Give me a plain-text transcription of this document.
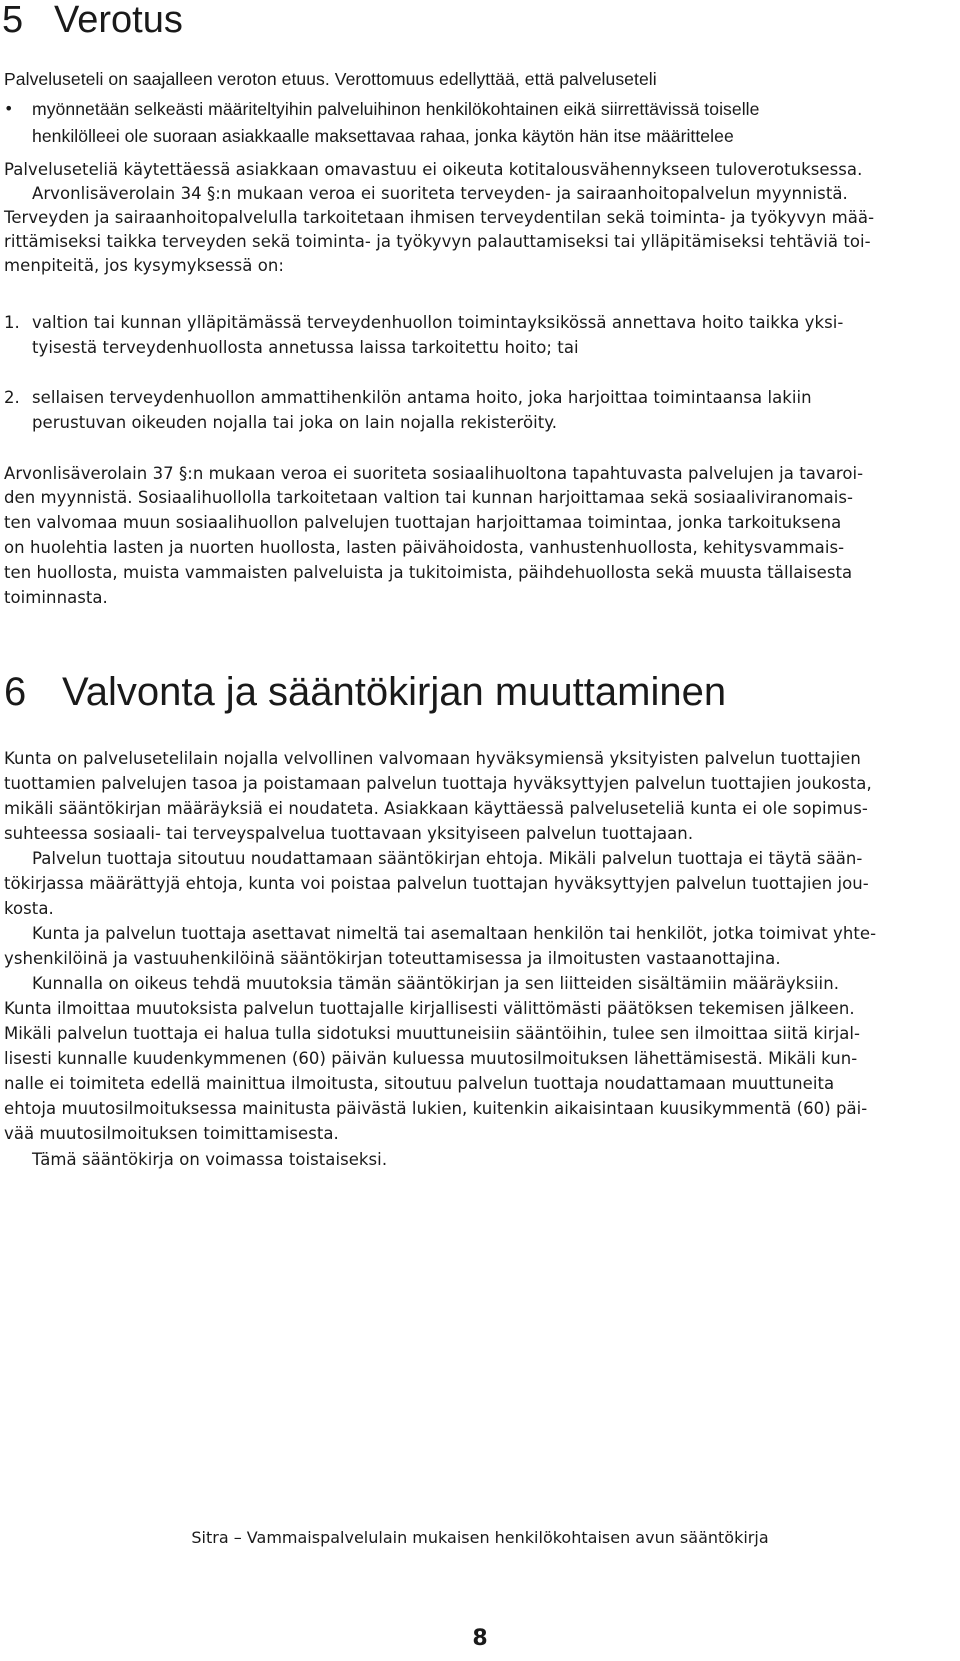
5 Verotus
Palveluseteli on saajalleen veroton etuus. Verottomuus edellyttää, että palveluseteli
• myönnetään selkeästi määriteltyihin palveluihinon henkilökohtainen eikä siirrettävissä toiselle
henkilölleei ole suoraan asiakkaalle maksettavaa rahaa, jonka käytön hän itse määrittelee
Palveluseteliä käytettäessä asiakkaan omavastuu ei oikeuta kotitalousvähennykseen tuloverotuksessa.
Arvonlisäverolain 34 §:n mukaan veroa ei suoriteta terveyden- ja sairaanhoitopalvelun myynnistä.
Terveyden ja sairaanhoitopalvelulla tarkoitetaan ihmisen terveydentilan sekä toiminta- ja työkyvyn mää-
rittämiseksi taikka terveyden sekä toiminta- ja työkyvyn palauttamiseksi tai ylläpitämiseksi tehtäviä toi-
menpiteitä, jos kysymyksessä on:
1. valtion tai kunnan ylläpitämässä terveydenhuollon toimintayksikössä annettava hoito taikka yksi-
tyisestä terveydenhuollosta annetussa laissa tarkoitettu hoito; tai
2. sellaisen terveydenhuollon ammattihenkilön antama hoito, joka harjoittaa toimintaansa lakiin
perustuvan oikeuden nojalla tai joka on lain nojalla rekisteröity.
Arvonlisäverolain 37 §:n mukaan veroa ei suoriteta sosiaalihuoltona tapahtuvasta palvelujen ja tavaroi-
den myynnistä. Sosiaalihuollolla tarkoitetaan valtion tai kunnan harjoittamaa sekä sosiaaliviranomais-
ten valvomaa muun sosiaalihuollon palvelujen tuottajan harjoittamaa toimintaa, jonka tarkoituksena
on huolehtia lasten ja nuorten huollosta, lasten päivähoidosta, vanhustenhuollosta, kehitysvammais-
ten huollosta, muista vammaisten palveluista ja tukitoimista, päihdehuollosta sekä muusta tällaisesta
toiminnasta.
6 Valvonta ja sääntökirjan muuttaminen
Kunta on palvelusetelilain nojalla velvollinen valvomaan hyväksymiensä yksityisten palvelun tuottajien
tuottamien palvelujen tasoa ja poistamaan palvelun tuottaja hyväksyttyjen palvelun tuottajien joukosta,
mikäli sääntökirjan määräyksiä ei noudateta. Asiakkaan käyttäessä palveluseteliä kunta ei ole sopimus-
suhteessa sosiaali- tai terveyspalvelua tuottavaan yksityiseen palvelun tuottajaan.
Palvelun tuottaja sitoutuu noudattamaan sääntökirjan ehtoja. Mikäli palvelun tuottaja ei täytä sään-
tökirjassa määrättyjä ehtoja, kunta voi poistaa palvelun tuottajan hyväksyttyjen palvelun tuottajien jou-
kosta.
Kunta ja palvelun tuottaja asettavat nimeltä tai asemaltaan henkilön tai henkilöt, jotka toimivat yhte-
yshenkilöinä ja vastuuhenkilöinä sääntökirjan toteuttamisessa ja ilmoitusten vastaanottajina.
Kunnalla on oikeus tehdä muutoksia tämän sääntökirjan ja sen liitteiden sisältämiin määräyksiin.
Kunta ilmoittaa muutoksista palvelun tuottajalle kirjallisesti välittömästi päätöksen tekemisen jälkeen.
Mikäli palvelun tuottaja ei halua tulla sidotuksi muuttuneisiin sääntöihin, tulee sen ilmoittaa siitä kirjal-
lisesti kunnalle kuudenkymmenen (60) päivän kuluessa muutosilmoituksen lähettämisestä. Mikäli kun-
nalle ei toimiteta edellä mainittua ilmoitusta, sitoutuu palvelun tuottaja noudattamaan muuttuneita
ehtoja muutosilmoituksessa mainitusta päivästä lukien, kuitenkin aikaisintaan kuusikymmentä (60) päi-
vää muutosilmoituksen toimittamisesta.
Tämä sääntökirja on voimassa toistaiseksi.
Sitra – Vammaispalvelulain mukaisen henkilökohtaisen avun sääntökirja
8
